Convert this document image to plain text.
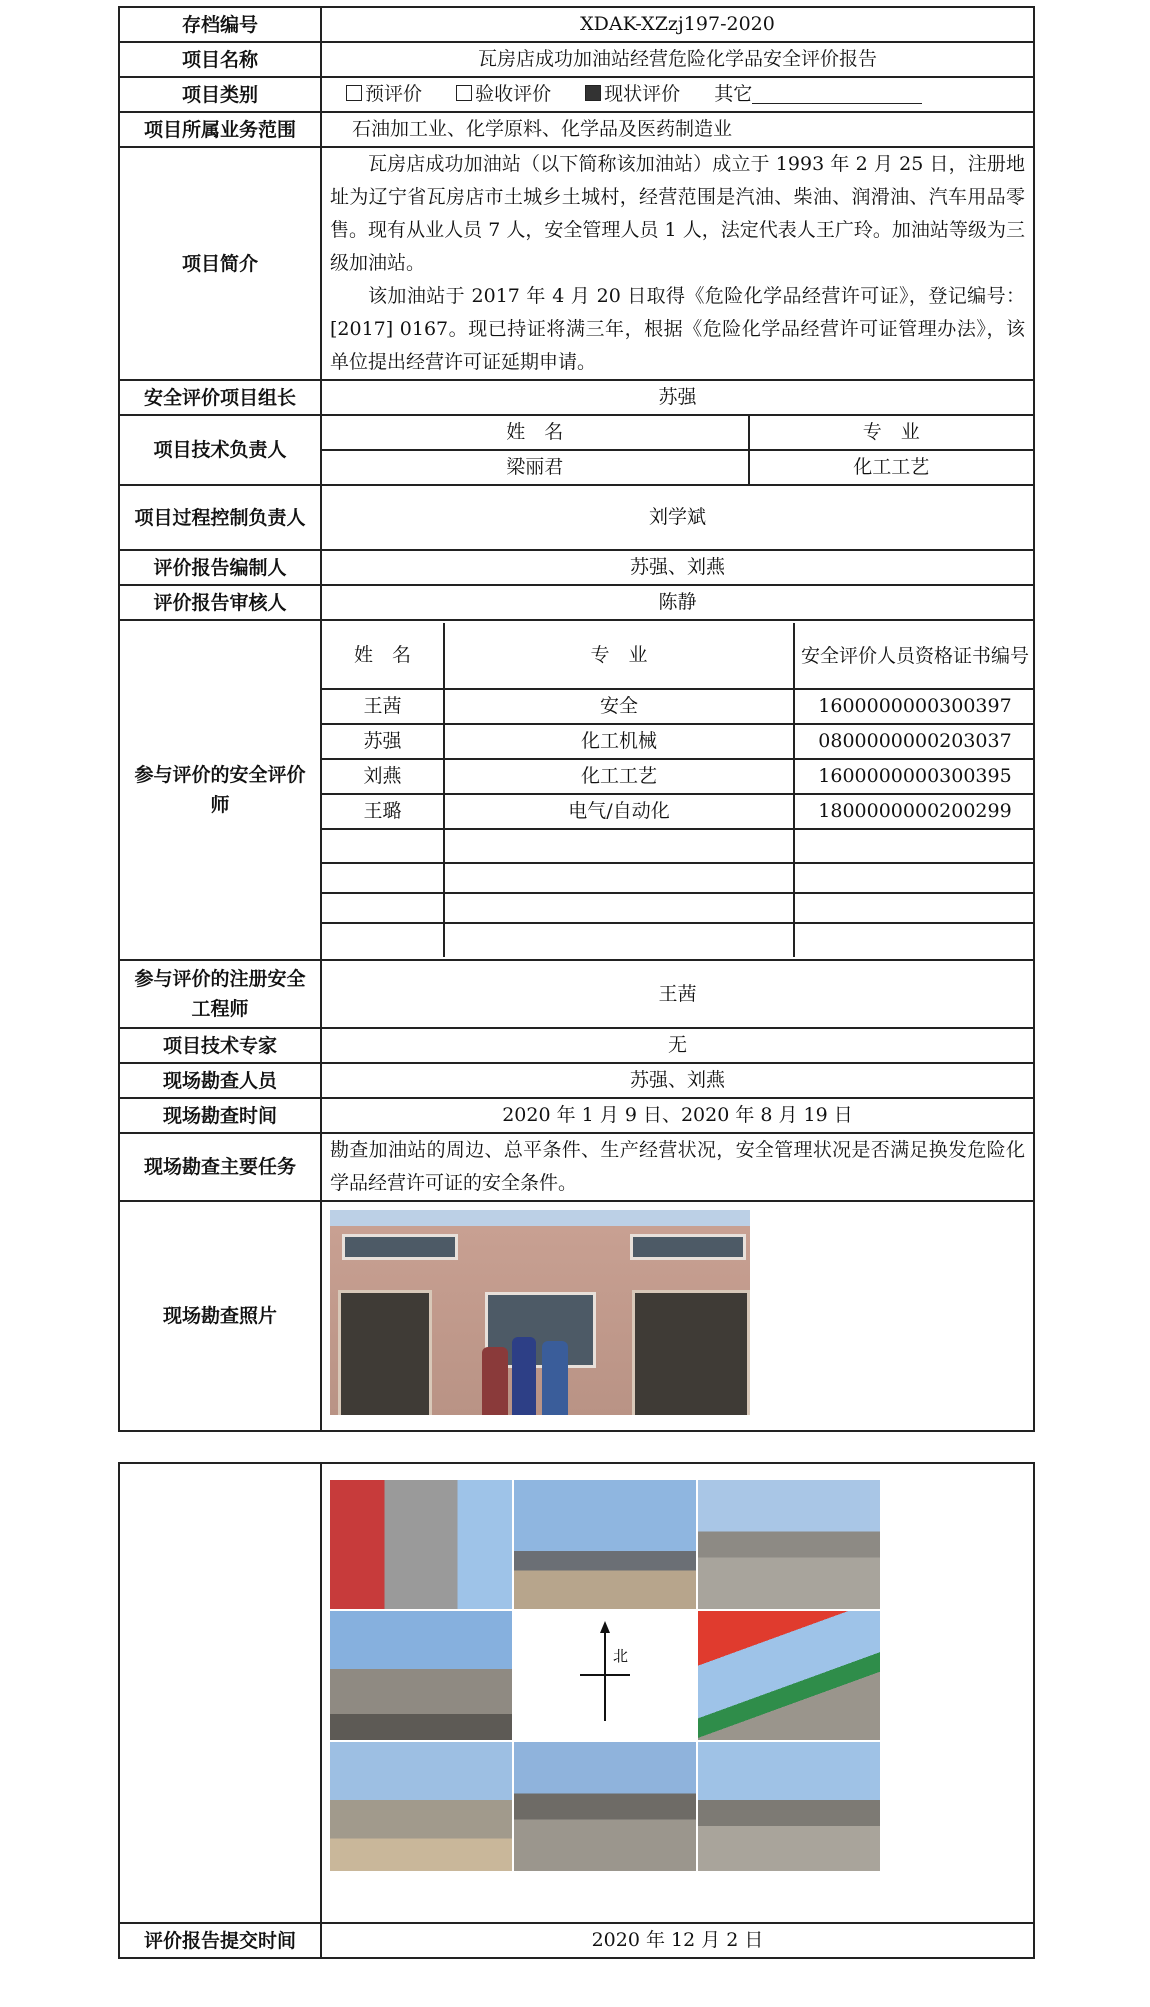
存档编号	XDAK-XZzj197-2020
项目名称	瓦房店成功加油站经营危险化学品安全评价报告
项目类别	预评价	验收评价	现状评价 其它
项目所属业务范围	石油加工业、化学原料、化学品及医药制造业
项目简介	

瓦房店成功加油站（以下简称该加油站）成立于 1993 年 2 月 25 日，注册地址为辽宁省瓦房店市土城乡土城村，经营范围是汽油、柴油、润滑油、汽车用品零售。现有从业人员 7 人，安全管理人员 1 人，法定代表人王广玲。加油站等级为三级加油站。

该加油站于 2017 年 4 月 20 日取得《危险化学品经营许可证》，登记编号：[2017] 0167。现已持证将满三年，根据《危险化学品经营许可证管理办法》，该单位提出经营许可证延期申请。

安全评价项目组长	苏强
项目技术负责人	
姓　名	专　业
梁丽君	化工工艺

项目过程控制负责人	刘学斌
评价报告编制人	苏强、刘燕
评价报告审核人	陈静
参与评价的安全评价师	
姓　名	专　业	安全评价人员资格证书编号
王茜	安全	1600000000300397
苏强	化工机械	0800000000203037
刘燕	化工工艺	1600000000300395
王璐	电气/自动化	1800000000200299

参与评价的注册安全工程师	王茜
项目技术专家	无
现场勘查人员	苏强、刘燕
现场勘查时间	2020 年 1 月 9 日、2020 年 8 月 19 日
现场勘查主要任务	勘查加油站的周边、总平条件、生产经营状况，安全管理状况是否满足换发危险化学品经营许可证的安全条件。
现场勘查照片	

评价报告提交时间	2020 年 12 月 2 日
北
